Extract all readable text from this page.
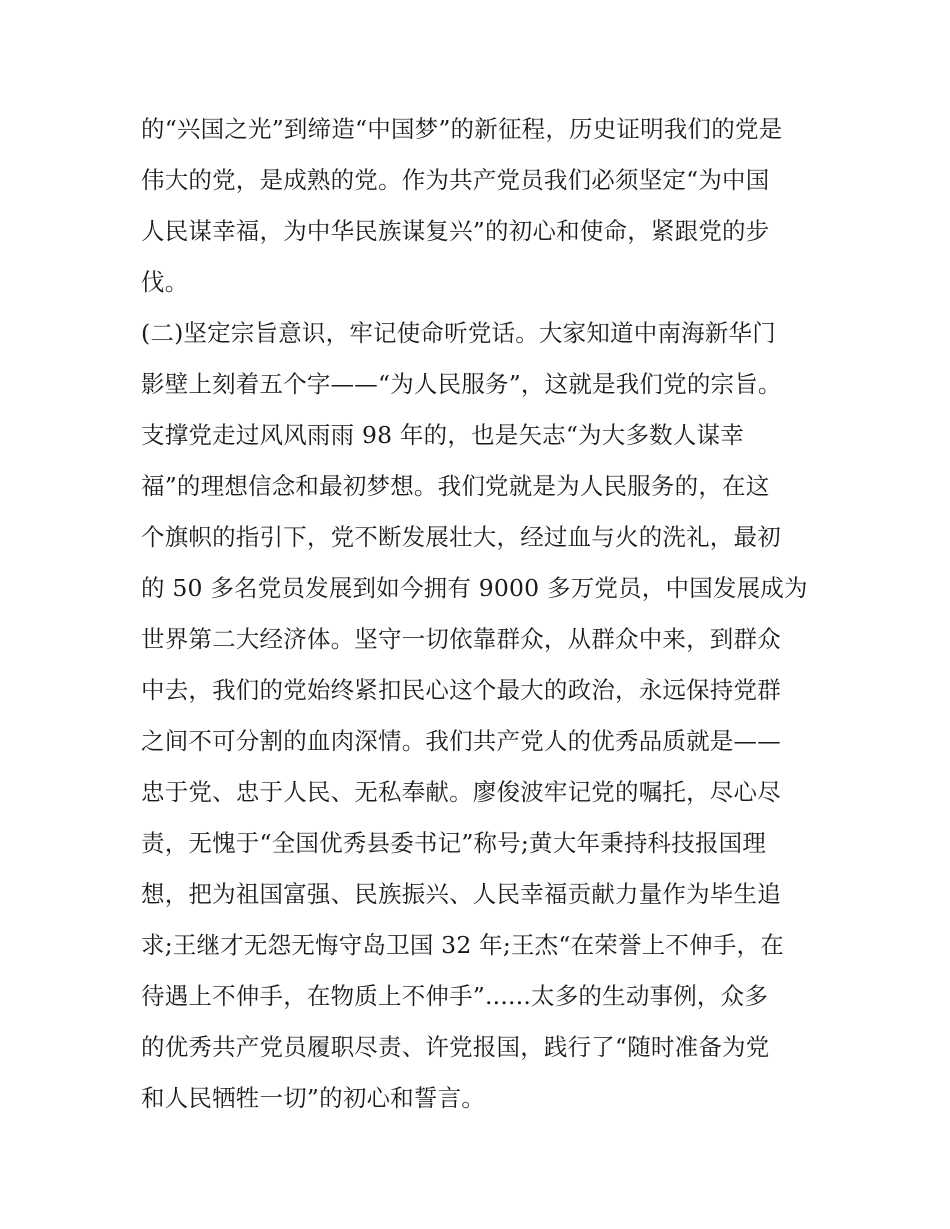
的“兴国之光”到缔造“中国梦”的新征程，历史证明我们的党是
伟大的党，是成熟的党。作为共产党员我们必须坚定“为中国
人民谋幸福，为中华民族谋复兴”的初心和使命，紧跟党的步
伐。
(二)坚定宗旨意识，牢记使命听党话。大家知道中南海新华门
影壁上刻着五个字——“为人民服务”，这就是我们党的宗旨。
支撑党走过风风雨雨 98 年的，也是矢志“为大多数人谋幸
福”的理想信念和最初梦想。我们党就是为人民服务的，在这
个旗帜的指引下，党不断发展壮大，经过血与火的洗礼，最初
的 50 多名党员发展到如今拥有 9000 多万党员，中国发展成为
世界第二大经济体。坚守一切依靠群众，从群众中来，到群众
中去，我们的党始终紧扣民心这个最大的政治，永远保持党群
之间不可分割的血肉深情。我们共产党人的优秀品质就是——
忠于党、忠于人民、无私奉献。廖俊波牢记党的嘱托，尽心尽
责，无愧于“全国优秀县委书记”称号;黄大年秉持科技报国理
想，把为祖国富强、民族振兴、人民幸福贡献力量作为毕生追
求;王继才无怨无悔守岛卫国 32 年;王杰“在荣誉上不伸手，在
待遇上不伸手，在物质上不伸手”......太多的生动事例，众多
的优秀共产党员履职尽责、许党报国，践行了“随时准备为党
和人民牺牲一切”的初心和誓言。
